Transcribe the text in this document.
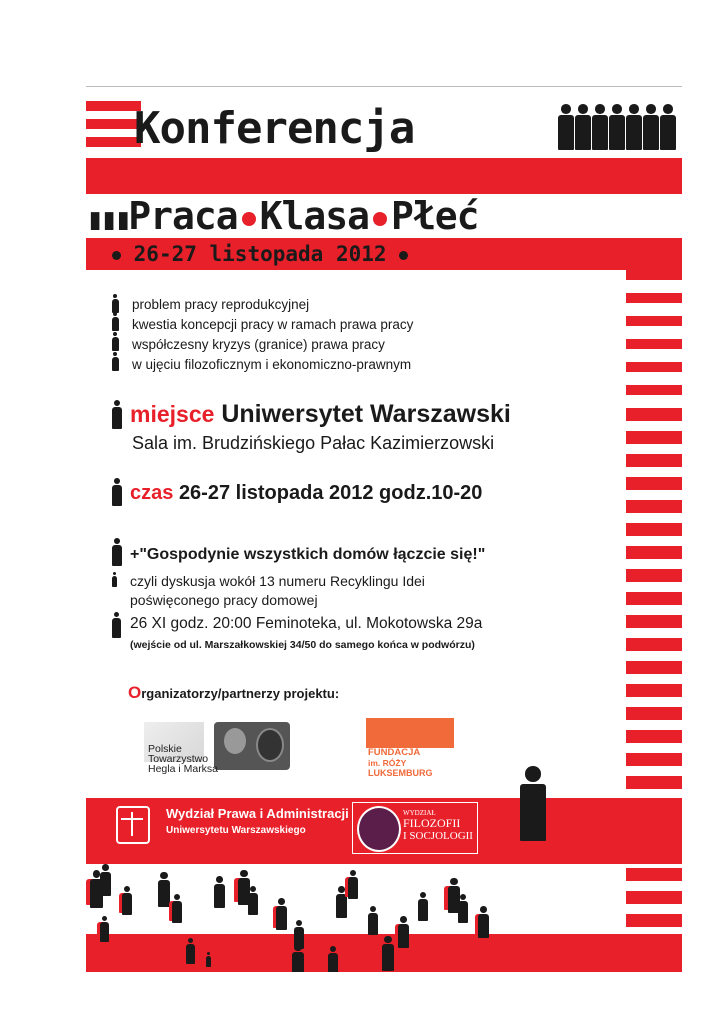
Konferencja
▮▮▮Praca Klasa Płeć
26-27 listopada 2012
problem pracy reprodukcyjnej
kwestia koncepcji pracy w ramach prawa pracy
współczesny kryzys (granice) prawa pracy
w ujęciu filozoficznym i ekonomiczno-prawnym
miejsce Uniwersytet Warszawski
Sala im. Brudzińskiego Pałac Kazimierzowski
czas 26-27 listopada 2012 godz.10-20
+"Gospodynie wszystkich domów łączcie się!"
czyli dyskusja wokół 13 numeru Recyklingu Idei
poświęconego pracy domowej
26 XI godz. 20:00 Feminoteka, ul. Mokotowska 29a
(wejście od ul. Marszałkowskiej 34/50 do samego końca w podwórzu)
Organizatorzy/partnerzy projektu:
Polskie
Towarzystwo
Hegla i Marksa
FUNDACJA
im. RÓŻY
LUKSEMBURG
Wydział Prawa i Administracji
Uniwersytetu Warszawskiego
WYDZIAŁ
FILOZOFII
I SOCJOLOGII
